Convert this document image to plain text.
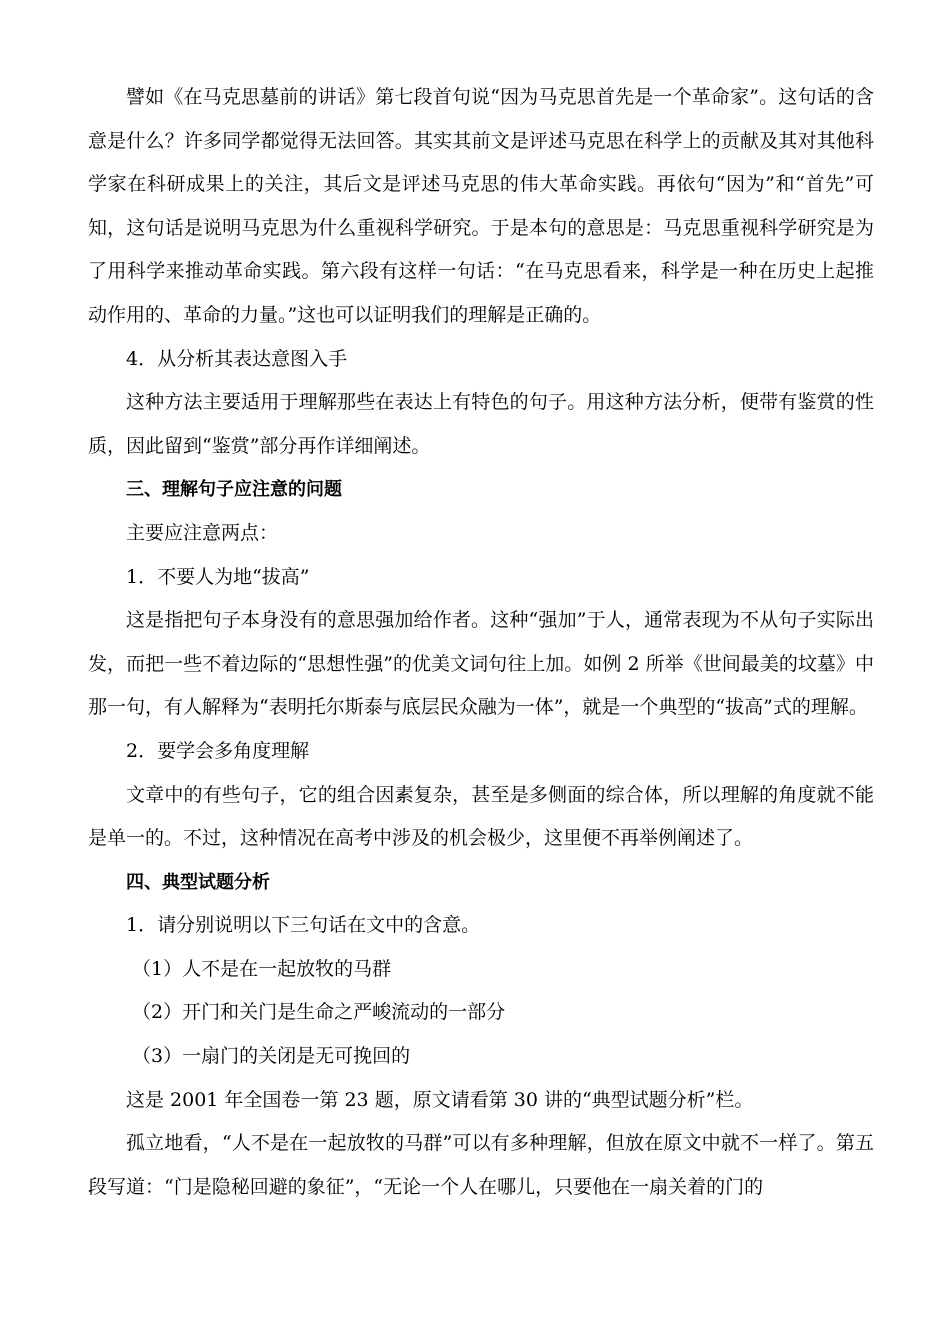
譬如《在马克思墓前的讲话》第七段首句说“因为马克思首先是一个革命家”。这句话的含意是什么？许多同学都觉得无法回答。其实其前文是评述马克思在科学上的贡献及其对其他科学家在科研成果上的关注，其后文是评述马克思的伟大革命实践。再依句“因为”和“首先”可知，这句话是说明马克思为什么重视科学研究。于是本句的意思是：马克思重视科学研究是为了用科学来推动革命实践。第六段有这样一句话：“在马克思看来，科学是一种在历史上起推动作用的、革命的力量。”这也可以证明我们的理解是正确的。

4．从分析其表达意图入手

这种方法主要适用于理解那些在表达上有特色的句子。用这种方法分析，便带有鉴赏的性质，因此留到“鉴赏”部分再作详细阐述。

三、理解句子应注意的问题

主要应注意两点：

1．不要人为地“拔高”

这是指把句子本身没有的意思强加给作者。这种“强加”于人，通常表现为不从句子实际出发，而把一些不着边际的“思想性强”的优美文词句往上加。如例 2 所举《世间最美的坟墓》中那一句，有人解释为“表明托尔斯泰与底层民众融为一体”，就是一个典型的“拔高”式的理解。

2．要学会多角度理解

文章中的有些句子，它的组合因素复杂，甚至是多侧面的综合体，所以理解的角度就不能是单一的。不过，这种情况在高考中涉及的机会极少，这里便不再举例阐述了。

四、典型试题分析

1．请分别说明以下三句话在文中的含意。

（1）人不是在一起放牧的马群

（2）开门和关门是生命之严峻流动的一部分

（3）一扇门的关闭是无可挽回的

这是 2001 年全国卷一第 23 题，原文请看第 30 讲的“典型试题分析”栏。

孤立地看，“人不是在一起放牧的马群”可以有多种理解，但放在原文中就不一样了。第五段写道：“门是隐秘回避的象征”，“无论一个人在哪儿，只要他在一扇关着的门的
